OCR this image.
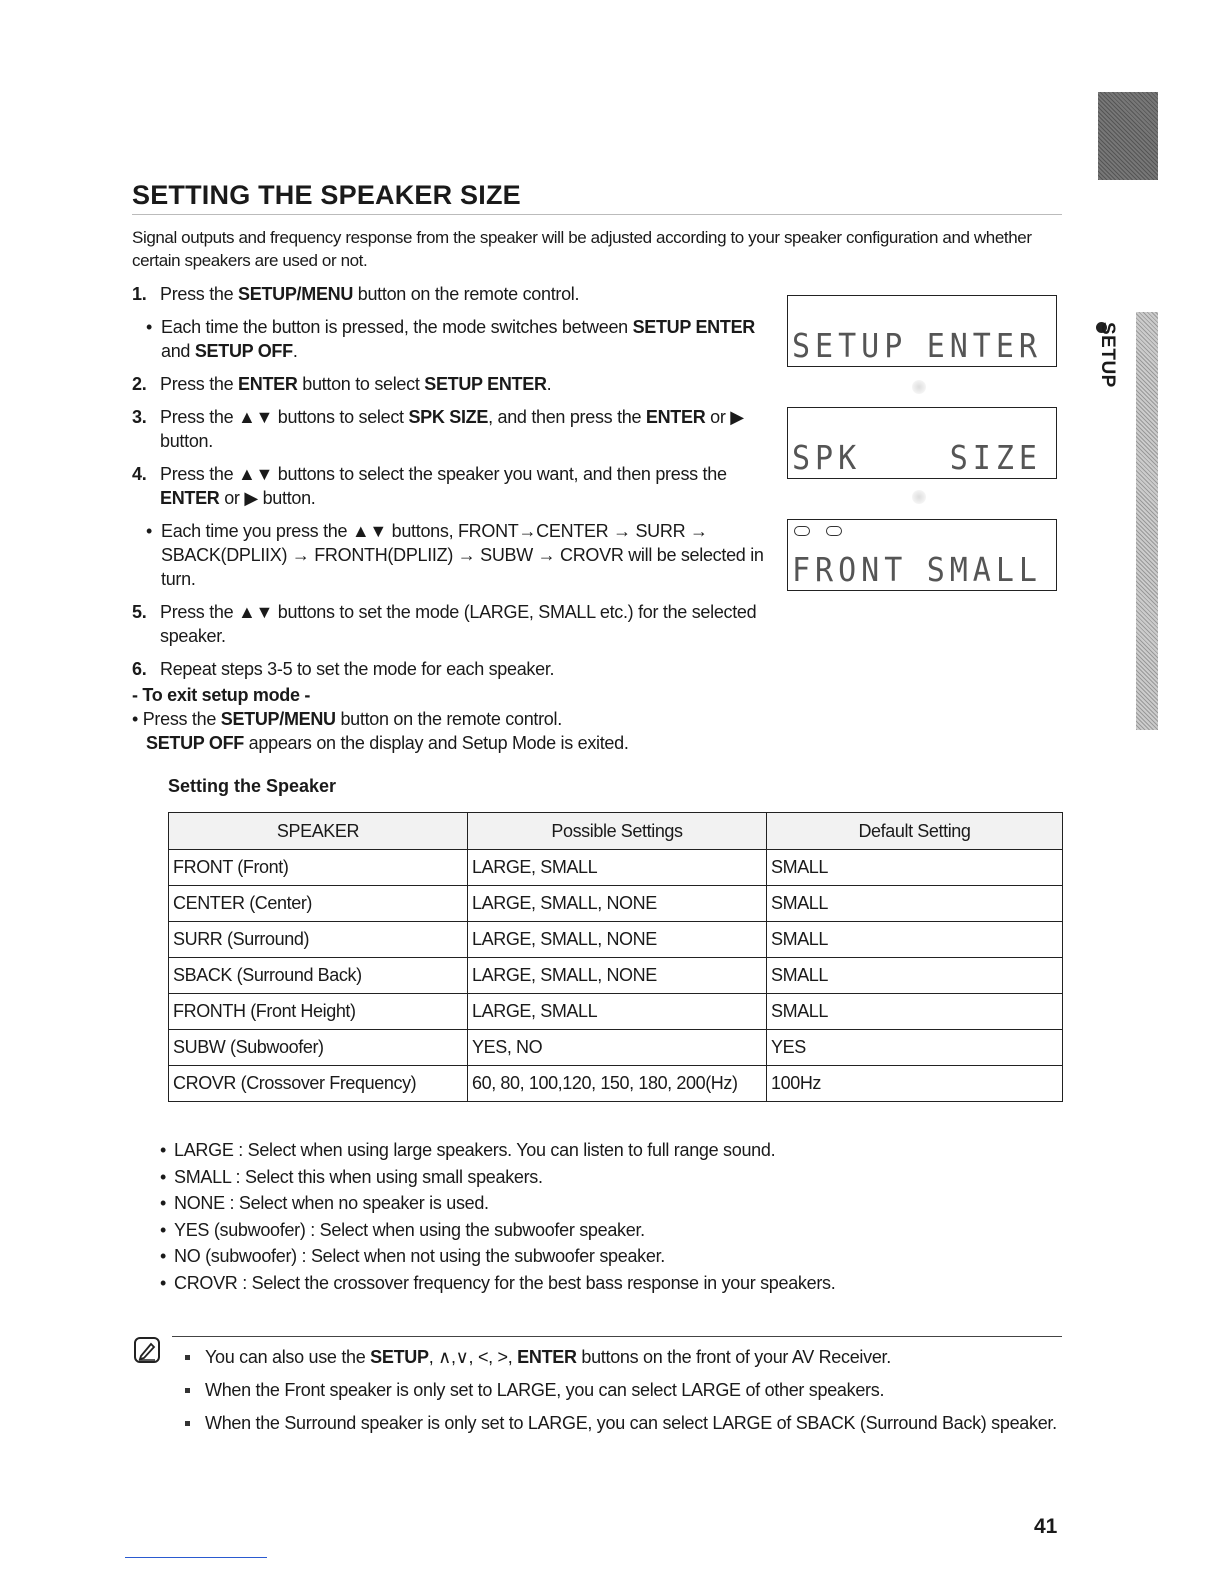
SETUP
SETTING THE SPEAKER SIZE
Signal outputs and frequency response from the speaker will be adjusted according to your speaker configuration and whether certain speakers are used or not.
1. Press the SETUP/MENU button on the remote control.
• Each time the button is pressed, the mode switches between SETUP ENTER and SETUP OFF.
2. Press the ENTER button to select SETUP ENTER.
3. Press the ▲▼ buttons to select SPK SIZE, and then press the ENTER or ▶ button.
4. Press the ▲▼ buttons to select the speaker you want, and then press the ENTER or ▶ button.
• Each time you press the ▲▼ buttons, FRONT→CENTER → SURR → SBACK(DPLIIX) → FRONTH(DPLIIZ) → SUBW → CROVR will be selected in turn.
5. Press the ▲▼ buttons to set the mode (LARGE, SMALL etc.) for the selected speaker.
6. Repeat steps 3-5 to set the mode for each speaker.
SETUP ENTER
SPK	SIZE
FRONT SMALL
- To exit setup mode -
• Press the SETUP/MENU button on the remote control.
SETUP OFF appears on the display and Setup Mode is exited.
Setting the Speaker
SPEAKER	Possible Settings	Default Setting
FRONT (Front)	LARGE, SMALL	SMALL
CENTER (Center)	LARGE, SMALL, NONE	SMALL
SURR (Surround)	LARGE, SMALL, NONE	SMALL
SBACK (Surround Back)	LARGE, SMALL, NONE	SMALL
FRONTH (Front Height)	LARGE, SMALL	SMALL
SUBW (Subwoofer)	YES, NO	YES
CROVR (Crossover Frequency)	60, 80, 100,120, 150, 180, 200(Hz)	100Hz
• LARGE : Select when using large speakers. You can listen to full range sound.
• SMALL : Select this when using small speakers.
• NONE : Select when no speaker is used.
• YES (subwoofer) : Select when using the subwoofer speaker.
• NO (subwoofer) : Select when not using the subwoofer speaker.
• CROVR : Select the crossover frequency for the best bass response in your speakers.
You can also use the SETUP, ∧,∨, <, >, ENTER buttons on the front of your AV Receiver.
When the Front speaker is only set to LARGE, you can select LARGE of other speakers.
When the Surround speaker is only set to LARGE, you can select LARGE of SBACK (Surround Back) speaker.
41
